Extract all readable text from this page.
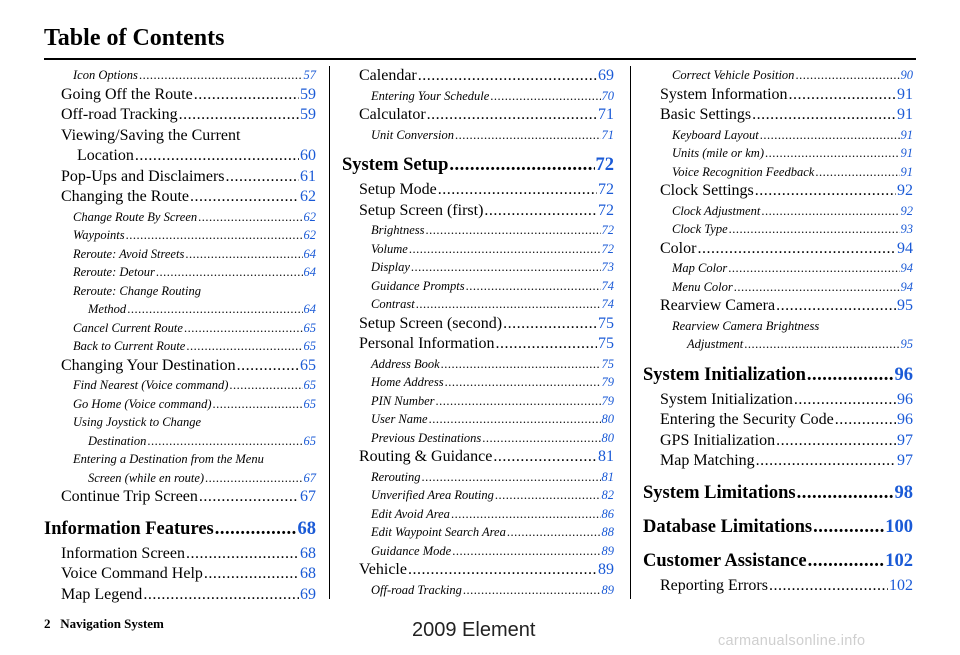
Table of Contents
Icon Options .....	57
Going Off the Route .....	59
Off-road Tracking .....	59
Viewing/Saving the Current
Location .....	60
Pop-Ups and Disclaimers .....	61
Changing the Route .....	62
Change Route By Screen .....	62
Waypoints .....	62
Reroute: Avoid Streets .....	64
Reroute: Detour .....	64
Reroute: Change Routing
Method .....	64
Cancel Current Route .....	65
Back to Current Route .....	65
Changing Your Destination .....	65
Find Nearest (Voice command) .....	65
Go Home (Voice command) .....	65
Using Joystick to Change
Destination .....	65
Entering a Destination from the Menu
Screen (while en route) .....	67
Continue Trip Screen .....	67
Information Features .....	68
Information Screen .....	68
Voice Command Help .....	68
Map Legend .....	69
Calendar .....	69
Entering Your Schedule .....	70
Calculator .....	71
Unit Conversion .....	71
System Setup .....	72
Setup Mode .....	72
Setup Screen (first) .....	72
Brightness .....	72
Volume .....	72
Display .....	73
Guidance Prompts .....	74
Contrast .....	74
Setup Screen (second) .....	75
Personal Information .....	75
Address Book .....	75
Home Address .....	79
PIN Number .....	79
User Name .....	80
Previous Destinations .....	80
Routing & Guidance .....	81
Rerouting .....	81
Unverified Area Routing .....	82
Edit Avoid Area .....	86
Edit Waypoint Search Area .....	88
Guidance Mode .....	89
Vehicle .....	89
Off-road Tracking .....	89
Correct Vehicle Position .....	90
System Information .....	91
Basic Settings .....	91
Keyboard Layout .....	91
Units (mile or km) .....	91
Voice Recognition Feedback .....	91
Clock Settings .....	92
Clock Adjustment .....	92
Clock Type .....	93
Color .....	94
Map Color .....	94
Menu Color .....	94
Rearview Camera .....	95
Rearview Camera Brightness
Adjustment .....	95
System Initialization .....	96
System Initialization .....	96
Entering the Security Code .....	96
GPS Initialization .....	97
Map Matching .....	97
System Limitations .....	98
Database Limitations .....	100
Customer Assistance .....	102
Reporting Errors .....	102
2 Navigation System	2009 Element	carmanualsonline.info
